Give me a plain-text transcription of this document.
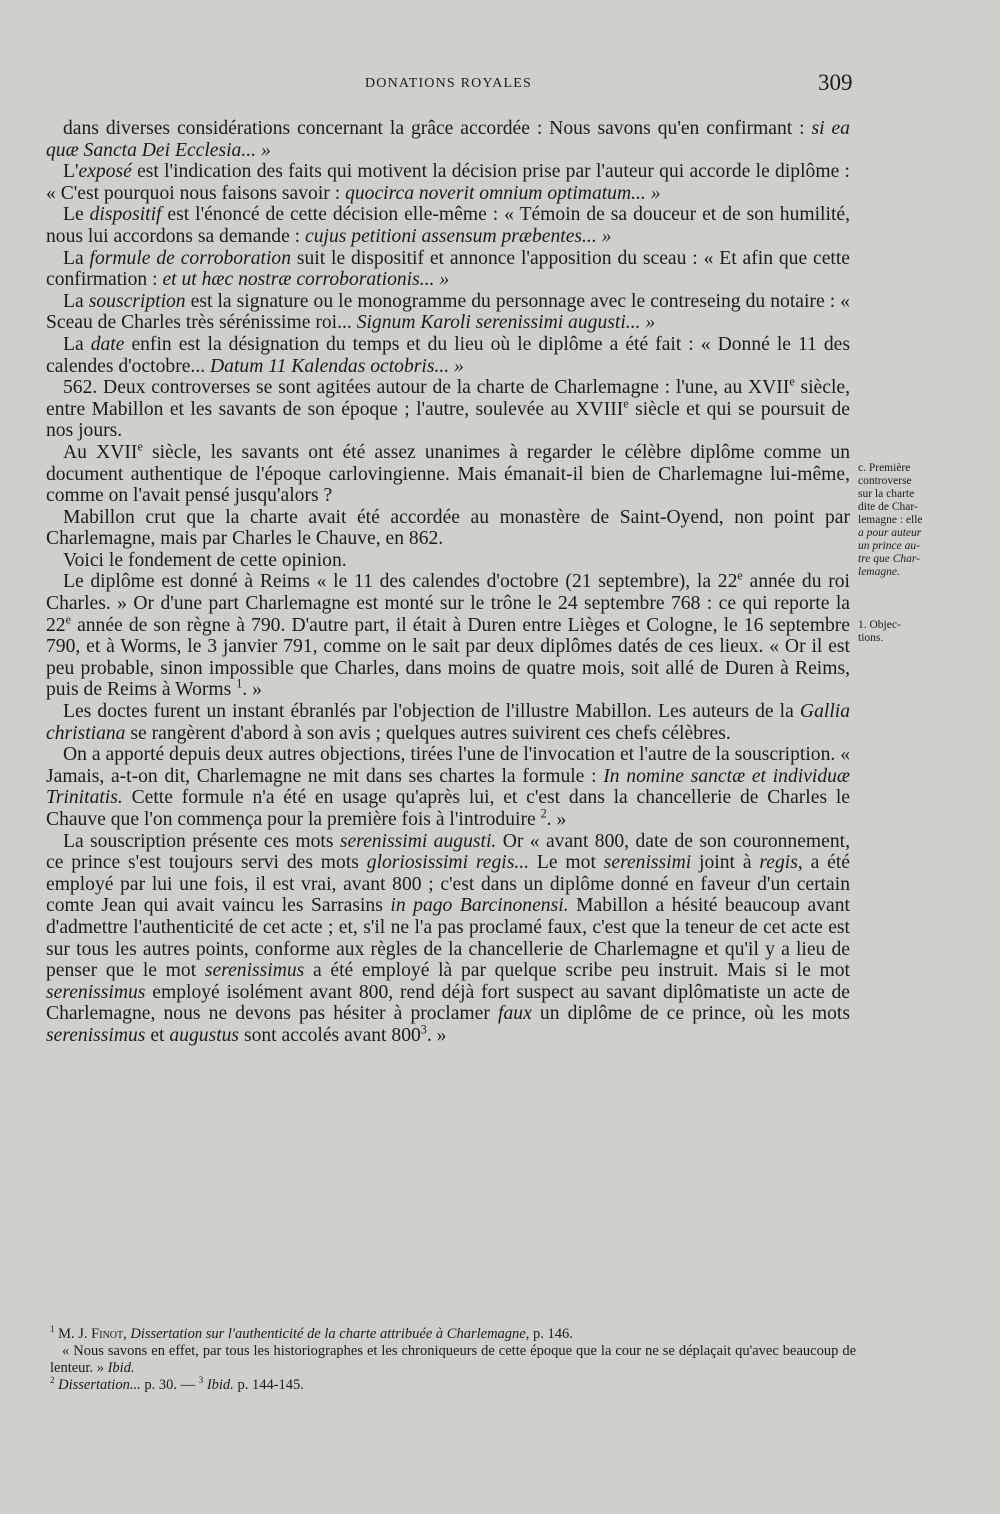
DONATIONS ROYALES	309

dans diverses considérations concernant la grâce accordée : Nous savons qu'en confirmant : si ea quæ Sancta Dei Ecclesia... »

L'exposé est l'indication des faits qui motivent la décision prise par l'auteur qui accorde le diplôme : « C'est pourquoi nous faisons savoir : quocirca noverit omnium optimatum... »

Le dispositif est l'énoncé de cette décision elle-même : « Témoin de sa douceur et de son humilité, nous lui accordons sa demande : cujus petitioni assensum præbentes... »

La formule de corroboration suit le dispositif et annonce l'apposition du sceau : « Et afin que cette confirmation : et ut hæc nostræ corroborationis... »

La souscription est la signature ou le monogramme du personnage avec le contreseing du notaire : « Sceau de Charles très sérénissime roi... Signum Karoli serenissimi augusti... »

La date enfin est la désignation du temps et du lieu où le diplôme a été fait : « Donné le 11 des calendes d'octobre... Datum 11 Kalendas octobris... »

562. Deux controverses se sont agitées autour de la charte de Charlemagne : l'une, au XVIIe siècle, entre Mabillon et les savants de son époque ; l'autre, soulevée au XVIIIe siècle et qui se poursuit de nos jours.

Au XVIIe siècle, les savants ont été assez unanimes à regarder le célèbre diplôme comme un document authentique de l'époque carlovingienne. Mais émanait-il bien de Charlemagne lui-même, comme on l'avait pensé jusqu'alors ?

Mabillon crut que la charte avait été accordée au monastère de Saint-Oyend, non point par Charlemagne, mais par Charles le Chauve, en 862.

Voici le fondement de cette opinion.

Le diplôme est donné à Reims « le 11 des calendes d'octobre (21 septembre), la 22e année du roi Charles. » Or d'une part Charlemagne est monté sur le trône le 24 septembre 768 : ce qui reporte la 22e année de son règne à 790. D'autre part, il était à Duren entre Lièges et Cologne, le 16 septembre 790, et à Worms, le 3 janvier 791, comme on le sait par deux diplômes datés de ces lieux. « Or il est peu probable, sinon impossible que Charles, dans moins de quatre mois, soit allé de Duren à Reims, puis de Reims à Worms $^1$. »

Les doctes furent un instant ébranlés par l'objection de l'illustre Mabillon. Les auteurs de la Gallia christiana se rangèrent d'abord à son avis ; quelques autres suivirent ces chefs célèbres.

On a apporté depuis deux autres objections, tirées l'une de l'invocation et l'autre de la souscription. « Jamais, a-t-on dit, Charlemagne ne mit dans ses chartes la formule : In nomine sanctæ et individuæ Trinitatis. Cette formule n'a été en usage qu'après lui, et c'est dans la chancellerie de Charles le Chauve que l'on commença pour la première fois à l'introduire $^2$. »

La souscription présente ces mots serenissimi augusti. Or « avant 800, date de son couronnement, ce prince s'est toujours servi des mots gloriosissimi regis... Le mot serenissimi joint à regis, a été employé par lui une fois, il est vrai, avant 800 ; c'est dans un diplôme donné en faveur d'un certain comte Jean qui avait vaincu les Sarrasins in pago Barcinonensi. Mabillon a hésité beaucoup avant d'admettre l'authenticité de cet acte ; et, s'il ne l'a pas proclamé faux, c'est que la teneur de cet acte est sur tous les autres points, conforme aux règles de la chancellerie de Charlemagne et qu'il y a lieu de penser que le mot serenissimus a été employé là par quelque scribe peu instruit. Mais si le mot serenissimus employé isolément avant 800, rend déjà fort suspect au savant diplômatiste un acte de Charlemagne, nous ne devons pas hésiter à proclamer faux un diplôme de ce prince, où les mots serenissimus et augustus sont accolés avant $800^3$. »

c. Première
controverse
sur la charte
dite de Char-
lemagne : elle
a pour auteur
un prince au-
tre que Char-
lemagne.
1. Objec-
tions.

$^1$ M. J. Finot, Dissertation sur l'authenticité de la charte attribuée à Charlemagne, p. 146.

« Nous savons en effet, par tous les historiographes et les chroniqueurs de cette époque que la cour ne se déplaçait qu'avec beaucoup de lenteur. » Ibid.

$^2$ Dissertation... p. 30. — $^3$ Ibid. p. 144-145.
